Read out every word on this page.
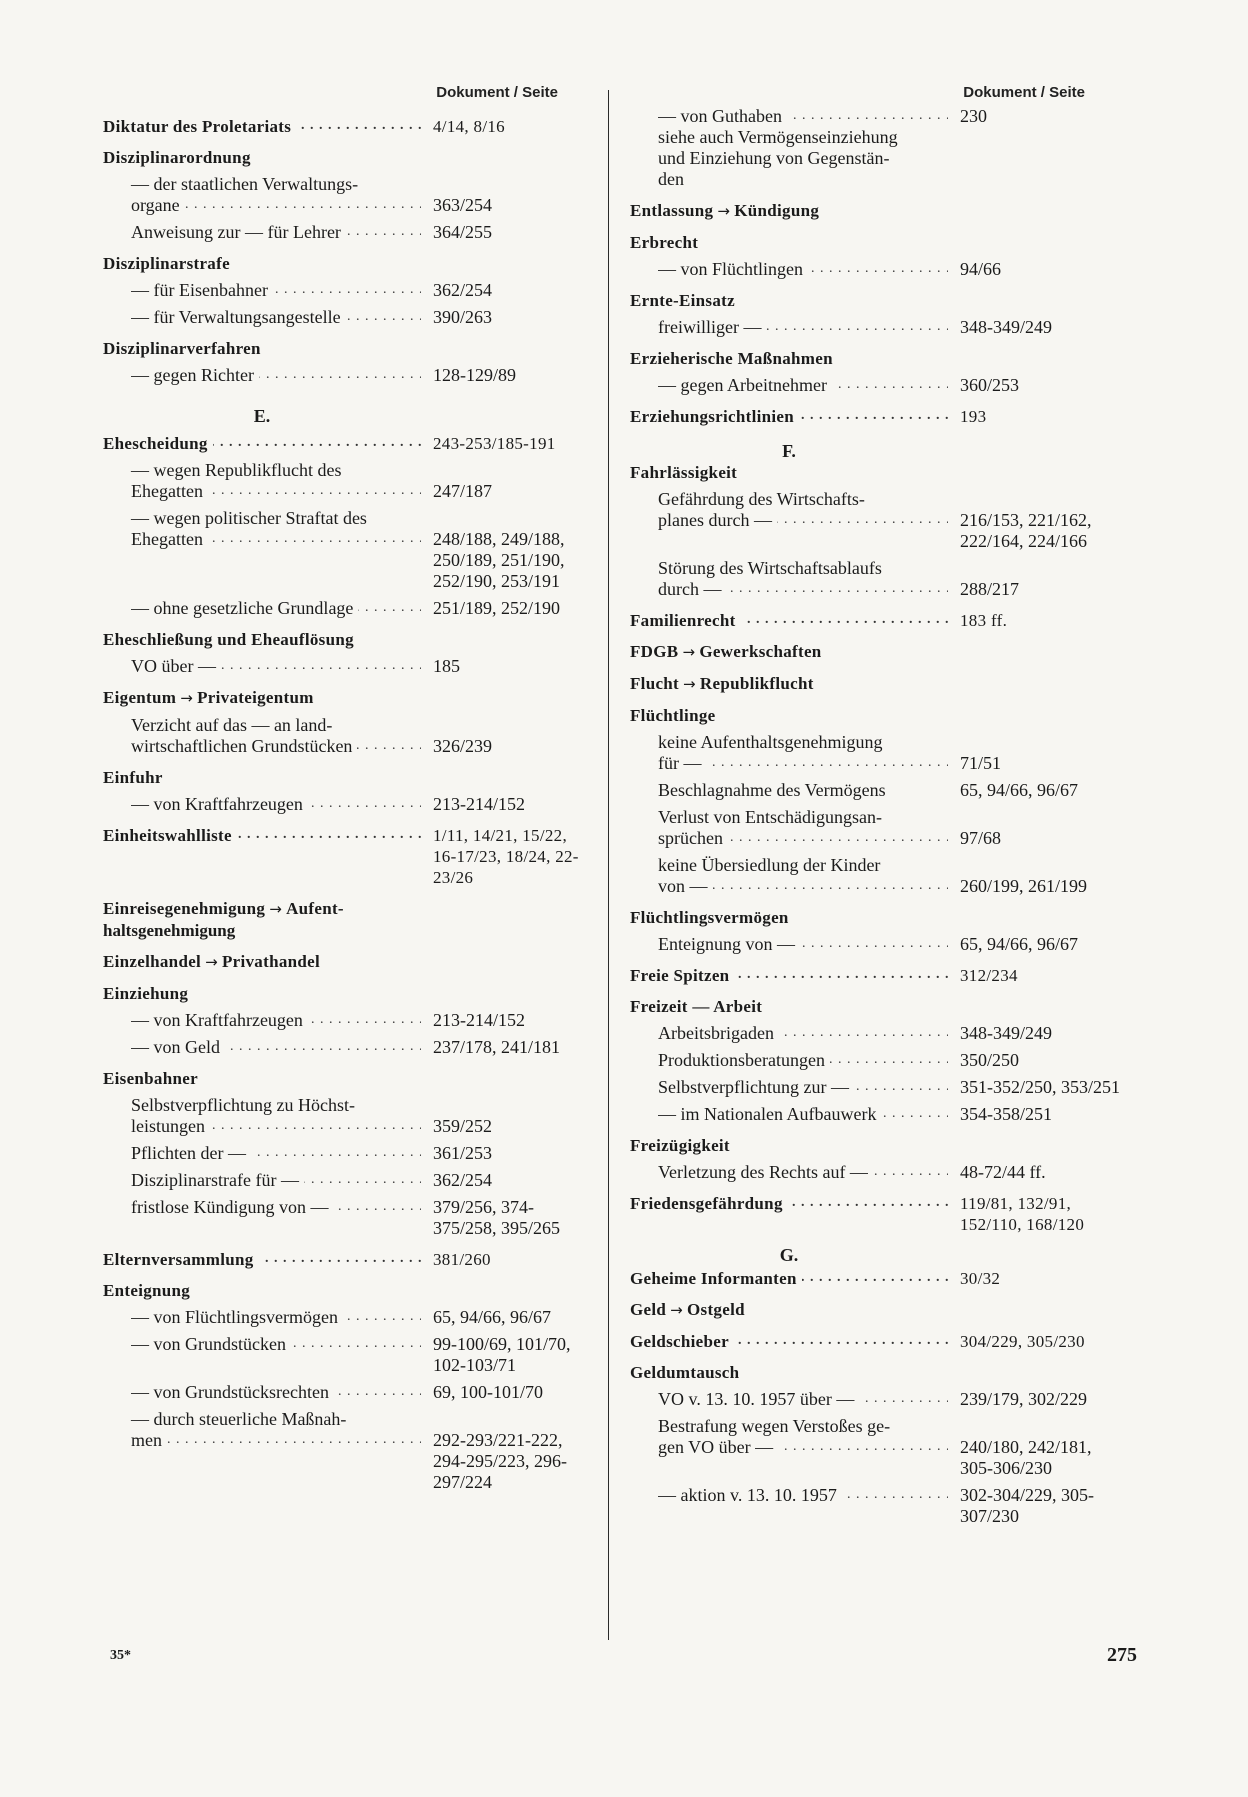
Dokument / Seite
Diktatur des Proletariats . . .	4/14, 8/16
Disziplinarordnung
— der staatlichen Verwaltungs-
organe . . .	363/254
Anweisung zur — für Lehrer . . .	364/255
Disziplinarstrafe
— für Eisenbahner . . .	362/254
— für Verwaltungsangestelle . . .	390/263
Disziplinarverfahren
— gegen Richter . . .	128-129/89
E.
Ehescheidung . . .	243-253/185-191
— wegen Republikflucht des
Ehegatten . . .	247/187
— wegen politischer Straftat des
Ehegatten . . .	248/188, 249/188, 250/189, 251/190, 252/190, 253/191
— ohne gesetzliche Grundlage . . .	251/189, 252/190
Eheschließung und Eheauflösung
VO über — . . .	185
Eigentum → Privateigentum
Verzicht auf das — an land-
wirtschaftlichen Grundstücken . . .	326/239
Einfuhr
— von Kraftfahrzeugen . . .	213-214/152
Einheitswahlliste . . .	1/11, 14/21, 15/22, 16-17/23, 18/24, 22-23/26
Einreisegenehmigung → Aufent-
haltsgenehmigung
Einzelhandel → Privathandel
Einziehung
— von Kraftfahrzeugen . . .	213-214/152
— von Geld . . .	237/178, 241/181
Eisenbahner
Selbstverpflichtung zu Höchst-
leistungen . . .	359/252
Pflichten der — . . .	361/253
Disziplinarstrafe für — . . .	362/254
fristlose Kündigung von — . . .	379/256, 374-375/258, 395/265
Elternversammlung . . .	381/260
Enteignung
— von Flüchtlingsvermögen . . .	65, 94/66, 96/67
— von Grundstücken . . .	99-100/69, 101/70, 102-103/71
— von Grundstücksrechten . . .	69, 100-101/70
— durch steuerliche Maßnah-
men . . .	292-293/221-222, 294-295/223, 296-297/224
Dokument / Seite
— von Guthaben . . .	230
siehe auch Vermögenseinziehung
und Einziehung von Gegenstän-
den
Entlassung → Kündigung
Erbrecht
— von Flüchtlingen . . .	94/66
Ernte-Einsatz
freiwilliger — . . .	348-349/249
Erzieherische Maßnahmen
— gegen Arbeitnehmer . . .	360/253
Erziehungsrichtlinien . . .	193
F.
Fahrlässigkeit
Gefährdung des Wirtschafts-
planes durch — . . .	216/153, 221/162, 222/164, 224/166
Störung des Wirtschaftsablaufs
durch — . . .	288/217
Familienrecht . . .	183 ff.
FDGB → Gewerkschaften
Flucht → Republikflucht
Flüchtlinge
keine Aufenthaltsgenehmigung
für — . . .	71/51
Beschlagnahme des Vermögens	65, 94/66, 96/67
Verlust von Entschädigungsan-
sprüchen . . .	97/68
keine Übersiedlung der Kinder
von — . . .	260/199, 261/199
Flüchtlingsvermögen
Enteignung von — . . .	65, 94/66, 96/67
Freie Spitzen . . .	312/234
Freizeit — Arbeit
Arbeitsbrigaden . . .	348-349/249
Produktionsberatungen . . .	350/250
Selbstverpflichtung zur — . . .	351-352/250, 353/251
— im Nationalen Aufbauwerk . . .	354-358/251
Freizügigkeit
Verletzung des Rechts auf — . . .	48-72/44 ff.
Friedensgefährdung . . .	119/81, 132/91, 152/110, 168/120
G.
Geheime Informanten . . .	30/32
Geld → Ostgeld
Geldschieber . . .	304/229, 305/230
Geldumtausch
VO v. 13. 10. 1957 über — . . .	239/179, 302/229
Bestrafung wegen Verstoßes ge-
gen VO über — . . .	240/180, 242/181, 305-306/230
— aktion v. 13. 10. 1957 . . .	302-304/229, 305-307/230
35*	275
